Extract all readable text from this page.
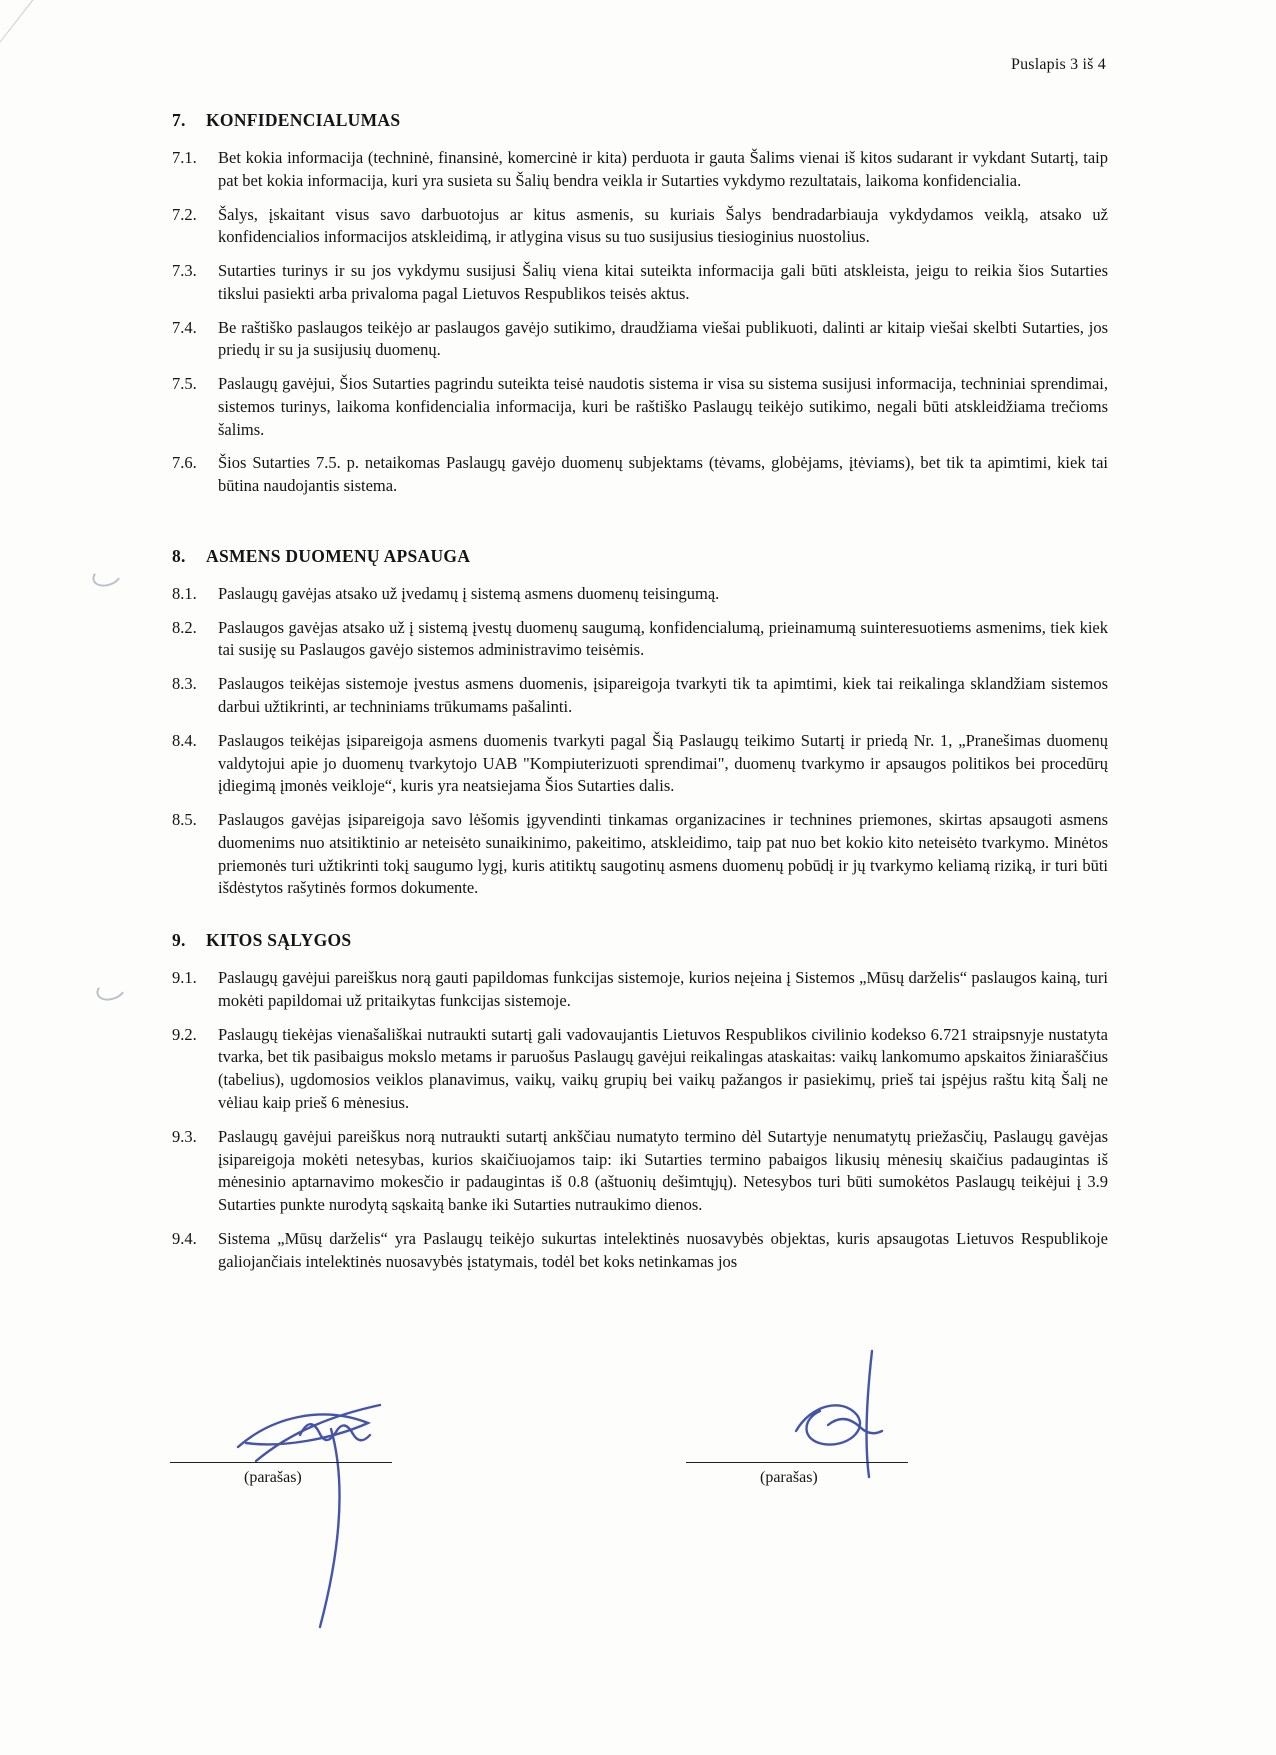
Puslapis 3 iš 4
7.	KONFIDENCIALUMAS
7.1.	Bet kokia informacija (techninė, finansinė, komercinė ir kita) perduota ir gauta Šalims vienai iš kitos sudarant ir vykdant Sutartį, taip pat bet kokia informacija, kuri yra susieta su Šalių bendra veikla ir Sutarties vykdymo rezultatais, laikoma konfidencialia.
7.2.	Šalys, įskaitant visus savo darbuotojus ar kitus asmenis, su kuriais Šalys bendradarbiauja vykdydamos veiklą, atsako už konfidencialios informacijos atskleidimą, ir atlygina visus su tuo susijusius tiesioginius nuostolius.
7.3.	Sutarties turinys ir su jos vykdymu susijusi Šalių viena kitai suteikta informacija gali būti atskleista, jeigu to reikia šios Sutarties tikslui pasiekti arba privaloma pagal Lietuvos Respublikos teisės aktus.
7.4.	Be raštiško paslaugos teikėjo ar paslaugos gavėjo sutikimo, draudžiama viešai publikuoti, dalinti ar kitaip viešai skelbti Sutarties, jos priedų ir su ja susijusių duomenų.
7.5.	Paslaugų gavėjui, Šios Sutarties pagrindu suteikta teisė naudotis sistema ir visa su sistema susijusi informacija, techniniai sprendimai, sistemos turinys, laikoma konfidencialia informacija, kuri be raštiško Paslaugų teikėjo sutikimo, negali būti atskleidžiama trečioms šalims.
7.6.	Šios Sutarties 7.5. p. netaikomas Paslaugų gavėjo duomenų subjektams (tėvams, globėjams, įtėviams), bet tik ta apimtimi, kiek tai būtina naudojantis sistema.
8.	ASMENS DUOMENŲ APSAUGA
8.1.	Paslaugų gavėjas atsako už įvedamų į sistemą asmens duomenų teisingumą.
8.2.	Paslaugos gavėjas atsako už į sistemą įvestų duomenų saugumą, konfidencialumą, prieinamumą suinteresuotiems asmenims, tiek kiek tai susiję su Paslaugos gavėjo sistemos administravimo teisėmis.
8.3.	Paslaugos teikėjas sistemoje įvestus asmens duomenis, įsipareigoja tvarkyti tik ta apimtimi, kiek tai reikalinga sklandžiam sistemos darbui užtikrinti, ar techniniams trūkumams pašalinti.
8.4.	Paslaugos teikėjas įsipareigoja asmens duomenis tvarkyti pagal Šią Paslaugų teikimo Sutartį ir priedą Nr. 1, „Pranešimas duomenų valdytojui apie jo duomenų tvarkytojo UAB "Kompiuterizuoti sprendimai", duomenų tvarkymo ir apsaugos politikos bei procedūrų įdiegimą įmonės veikloje“, kuris yra neatsiejama Šios Sutarties dalis.
8.5.	Paslaugos gavėjas įsipareigoja savo lėšomis įgyvendinti tinkamas organizacines ir technines priemones, skirtas apsaugoti asmens duomenims nuo atsitiktinio ar neteisėto sunaikinimo, pakeitimo, atskleidimo, taip pat nuo bet kokio kito neteisėto tvarkymo. Minėtos priemonės turi užtikrinti tokį saugumo lygį, kuris atitiktų saugotinų asmens duomenų pobūdį ir jų tvarkymo keliamą riziką, ir turi būti išdėstytos rašytinės formos dokumente.
9.	KITOS SĄLYGOS
9.1.	Paslaugų gavėjui pareiškus norą gauti papildomas funkcijas sistemoje, kurios neįeina į Sistemos „Mūsų darželis“ paslaugos kainą, turi mokėti papildomai už pritaikytas funkcijas sistemoje.
9.2.	Paslaugų tiekėjas vienašališkai nutraukti sutartį gali vadovaujantis Lietuvos Respublikos civilinio kodekso 6.721 straipsnyje nustatyta tvarka, bet tik pasibaigus mokslo metams ir paruošus Paslaugų gavėjui reikalingas ataskaitas: vaikų lankomumo apskaitos žiniaraščius (tabelius), ugdomosios veiklos planavimus, vaikų, vaikų grupių bei vaikų pažangos ir pasiekimų, prieš tai įspėjus raštu kitą Šalį ne vėliau kaip prieš 6 mėnesius.
9.3.	Paslaugų gavėjui pareiškus norą nutraukti sutartį ankščiau numatyto termino dėl Sutartyje nenumatytų priežasčių, Paslaugų gavėjas įsipareigoja mokėti netesybas, kurios skaičiuojamos taip: iki Sutarties termino pabaigos likusių mėnesių skaičius padaugintas iš mėnesinio aptarnavimo mokesčio ir padaugintas iš 0.8 (aštuonių dešimtųjų). Netesybos turi būti sumokėtos Paslaugų teikėjui į 3.9 Sutarties punkte nurodytą sąskaitą banke iki Sutarties nutraukimo dienos.
9.4.	Sistema „Mūsų darželis“ yra Paslaugų teikėjo sukurtas intelektinės nuosavybės objektas, kuris apsaugotas Lietuvos Respublikoje galiojančiais intelektinės nuosavybės įstatymais, todėl bet koks netinkamas jos
(parašas)	(parašas)
